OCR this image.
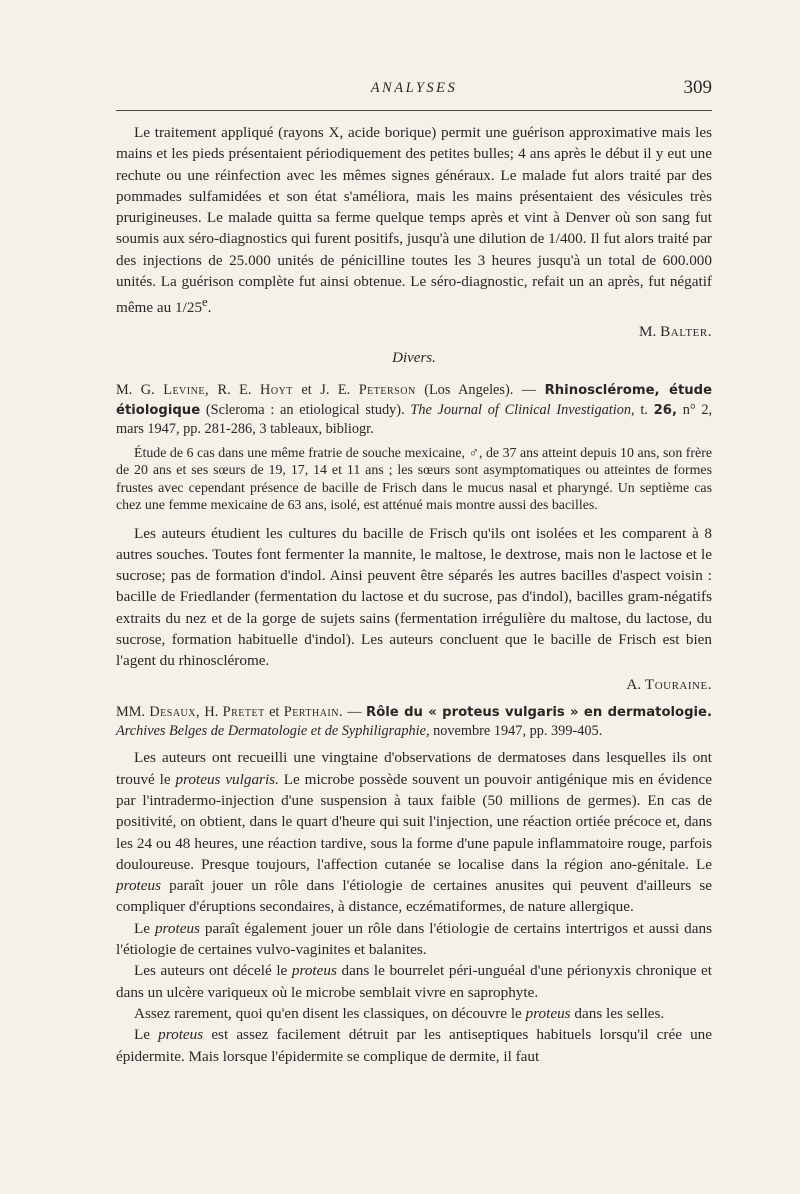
ANALYSES	309

Le traitement appliqué (rayons X, acide borique) permit une guérison approximative mais les mains et les pieds présentaient périodiquement des petites bulles; 4 ans après le début il y eut une rechute ou une réinfection avec les mêmes signes généraux. Le malade fut alors traité par des pommades sulfamidées et son état s'améliora, mais les mains présentaient des vésicules très prurigineuses. Le malade quitta sa ferme quelque temps après et vint à Denver où son sang fut soumis aux séro-diagnostics qui furent positifs, jusqu'à une dilution de 1/400. Il fut alors traité par des injections de 25.000 unités de pénicilline toutes les 3 heures jusqu'à un total de 600.000 unités. La guérison complète fut ainsi obtenue. Le séro-diagnostic, refait un an après, fut négatif même au 1/25e.

M. Balter.

Divers.

M. G. Levine, R. E. Hoyt et J. E. Peterson (Los Angeles). — Rhinosclérome, étude étiologique (Scleroma : an etiological study). The Journal of Clinical Investigation, t. 26, n° 2, mars 1947, pp. 281-286, 3 tableaux, bibliogr.

Étude de 6 cas dans une même fratrie de souche mexicaine, ♂, de 37 ans atteint depuis 10 ans, son frère de 20 ans et ses sœurs de 19, 17, 14 et 11 ans ; les sœurs sont asymptomatiques ou atteintes de formes frustes avec cependant présence de bacille de Frisch dans le mucus nasal et pharyngé. Un septième cas chez une femme mexicaine de 63 ans, isolé, est atténué mais montre aussi des bacilles.

Les auteurs étudient les cultures du bacille de Frisch qu'ils ont isolées et les comparent à 8 autres souches. Toutes font fermenter la mannite, le maltose, le dextrose, mais non le lactose et le sucrose; pas de formation d'indol. Ainsi peuvent être séparés les autres bacilles d'aspect voisin : bacille de Friedlander (fermentation du lactose et du sucrose, pas d'indol), bacilles gram-négatifs extraits du nez et de la gorge de sujets sains (fermentation irrégulière du maltose, du lactose, du sucrose, formation habituelle d'indol). Les auteurs concluent que le bacille de Frisch est bien l'agent du rhinosclérome.

A. Touraine.

MM. Desaux, H. Pretet et Perthain. — Rôle du « proteus vulgaris » en dermatologie. Archives Belges de Dermatologie et de Syphiligraphie, novembre 1947, pp. 399-405.

Les auteurs ont recueilli une vingtaine d'observations de dermatoses dans lesquelles ils ont trouvé le proteus vulgaris. Le microbe possède souvent un pouvoir antigénique mis en évidence par l'intradermo-injection d'une suspension à taux faible (50 millions de germes). En cas de positivité, on obtient, dans le quart d'heure qui suit l'injection, une réaction ortiée précoce et, dans les 24 ou 48 heures, une réaction tardive, sous la forme d'une papule inflammatoire rouge, parfois douloureuse. Presque toujours, l'affection cutanée se localise dans la région ano-génitale. Le proteus paraît jouer un rôle dans l'étiologie de certaines anusites qui peuvent d'ailleurs se compliquer d'éruptions secondaires, à distance, eczématiformes, de nature allergique.

Le proteus paraît également jouer un rôle dans l'étiologie de certains intertrigos et aussi dans l'étiologie de certaines vulvo-vaginites et balanites.

Les auteurs ont décelé le proteus dans le bourrelet péri-unguéal d'une périonyxis chronique et dans un ulcère variqueux où le microbe semblait vivre en saprophyte.

Assez rarement, quoi qu'en disent les classiques, on découvre le proteus dans les selles.

Le proteus est assez facilement détruit par les antiseptiques habituels lorsqu'il crée une épidermite. Mais lorsque l'épidermite se complique de dermite, il faut
